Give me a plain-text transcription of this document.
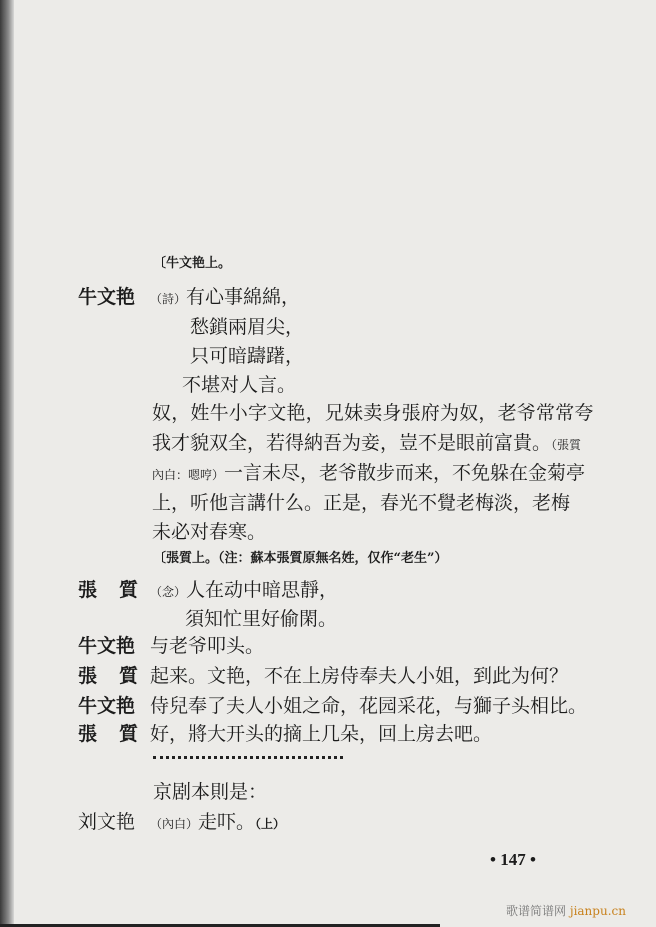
〔牛文艳上。
牛文艳 （詩）有心事綿綿，
愁鎖兩眉尖，
只可暗躊躇，
不堪对人言。
奴，姓牛小字文艳，兄妹卖身張府为奴，老爷常常夸
我才貌双全，若得納吾为妾，豈不是眼前富貴。（張質
內白：嗯哼）一言未尽，老爷散步而来，不免躲在金菊亭
上，听他言講什么。正是，春光不覺老梅淡，老梅
未必对春寒。
〔張質上。（注：蘇本張質原無名姓，仅作“老生”）
張質
（念）人在动中暗思靜，
須知忙里好偷閑。
牛文艳 与老爷叩头。
張質
起来。文艳，不在上房侍奉夫人小姐，到此为何？
牛文艳 侍兒奉了夫人小姐之命，花园采花，与獅子头相比。
張質
好，將大开头的摘上几朵，回上房去吧。
京剧本則是：
刘文艳 （內白）走吓。（上）
• 147 •
歌谱简谱网 jianpu.cn
